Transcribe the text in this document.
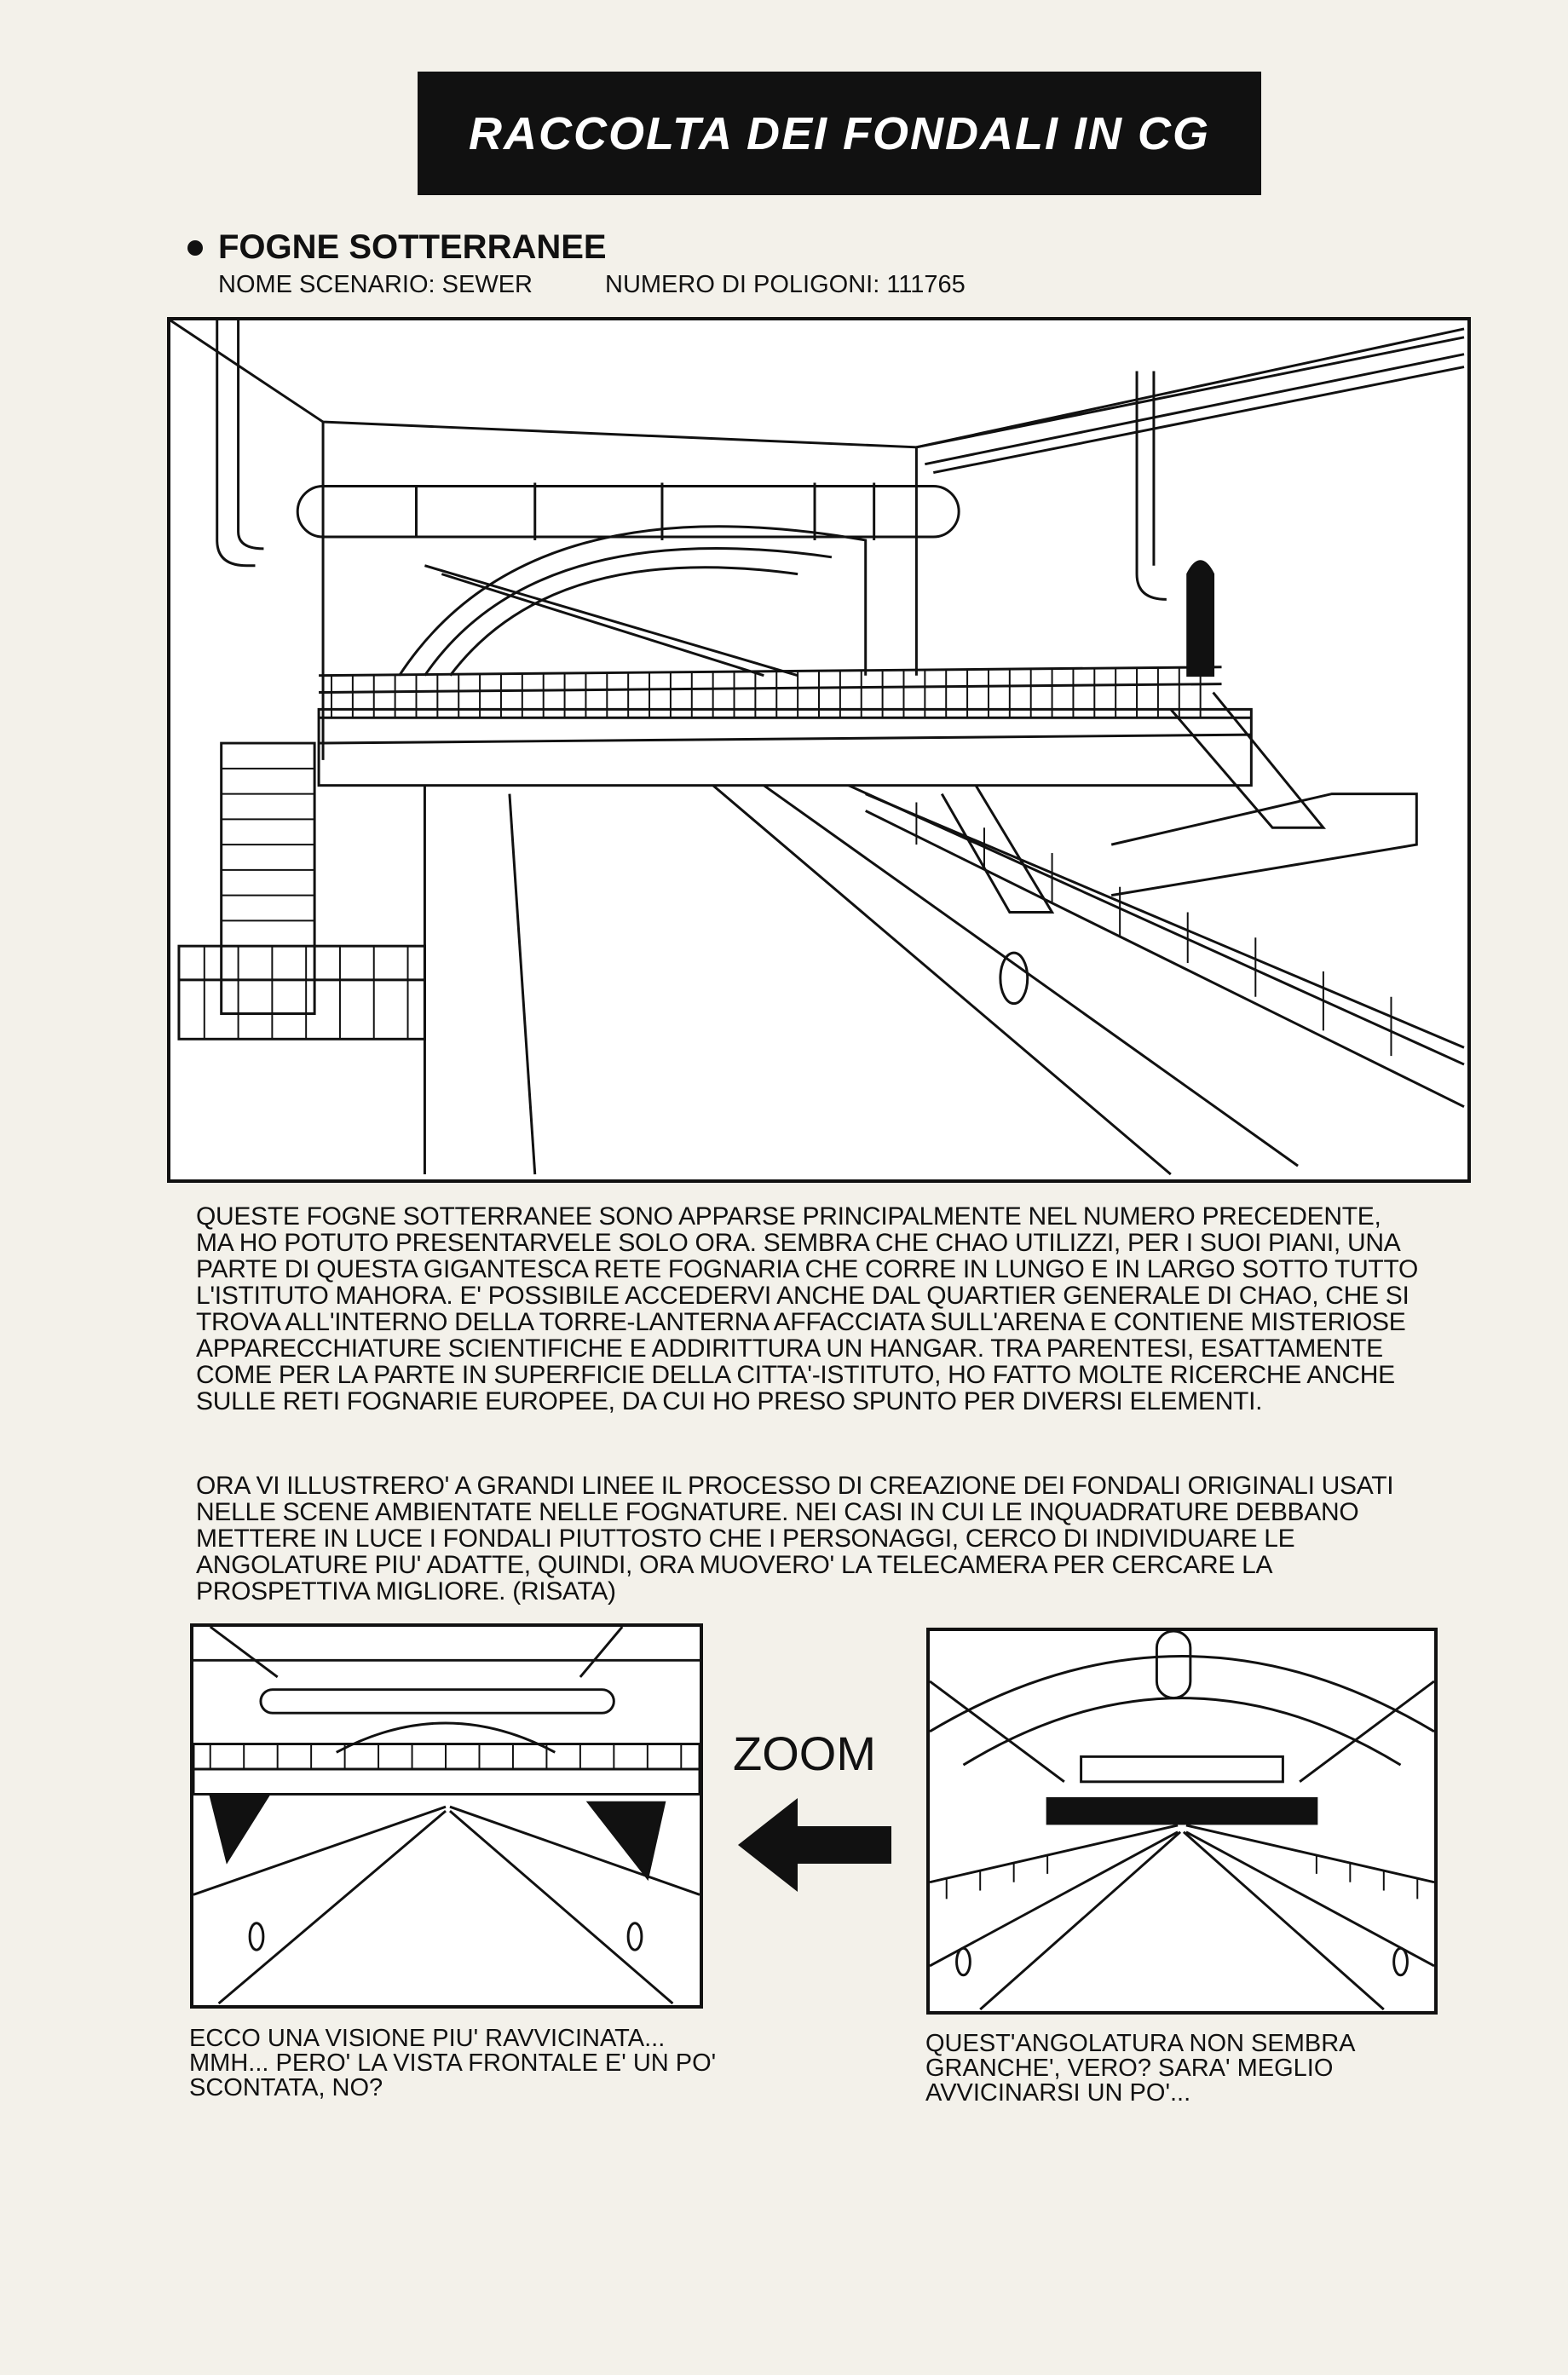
RACCOLTA DEI FONDALI IN CG
FOGNE SOTTERRANEE
NOME SCENARIO: SEWER	NUMERO DI POLIGONI: 111765
QUESTE FOGNE SOTTERRANEE SONO APPARSE PRINCIPALMENTE NEL NUMERO PRECEDENTE, MA HO POTUTO PRESENTARVELE SOLO ORA. SEMBRA CHE CHAO UTILIZZI, PER I SUOI PIANI, UNA PARTE DI QUESTA GIGANTESCA RETE FOGNARIA CHE CORRE IN LUNGO E IN LARGO SOTTO TUTTO L'ISTITUTO MAHORA. E' POSSIBILE ACCEDERVI ANCHE DAL QUARTIER GENERALE DI CHAO, CHE SI TROVA ALL'INTERNO DELLA TORRE-LANTERNA AFFACCIATA SULL'ARENA E CONTIENE MISTERIOSE APPARECCHIATURE SCIENTIFICHE E ADDIRITTURA UN HANGAR. TRA PARENTESI, ESATTAMENTE COME PER LA PARTE IN SUPERFICIE DELLA CITTA'-ISTITUTO, HO FATTO MOLTE RICERCHE ANCHE SULLE RETI FOGNARIE EUROPEE, DA CUI HO PRESO SPUNTO PER DIVERSI ELEMENTI.
ORA VI ILLUSTRERO' A GRANDI LINEE IL PROCESSO DI CREAZIONE DEI FONDALI ORIGINALI USATI NELLE SCENE AMBIENTATE NELLE FOGNATURE. NEI CASI IN CUI LE INQUADRATURE DEBBANO METTERE IN LUCE I FONDALI PIUTTOSTO CHE I PERSONAGGI, CERCO DI INDIVIDUARE LE ANGOLATURE PIU' ADATTE, QUINDI, ORA MUOVERO' LA TELECAMERA PER CERCARE LA PROSPETTIVA MIGLIORE. (RISATA)
ZOOM
ECCO UNA VISIONE PIU' RAVVICINATA... MMH... PERO' LA VISTA FRONTALE E' UN PO' SCONTATA, NO?
QUEST'ANGOLATURA NON SEMBRA GRANCHE', VERO? SARA' MEGLIO AVVICINARSI UN PO'...
